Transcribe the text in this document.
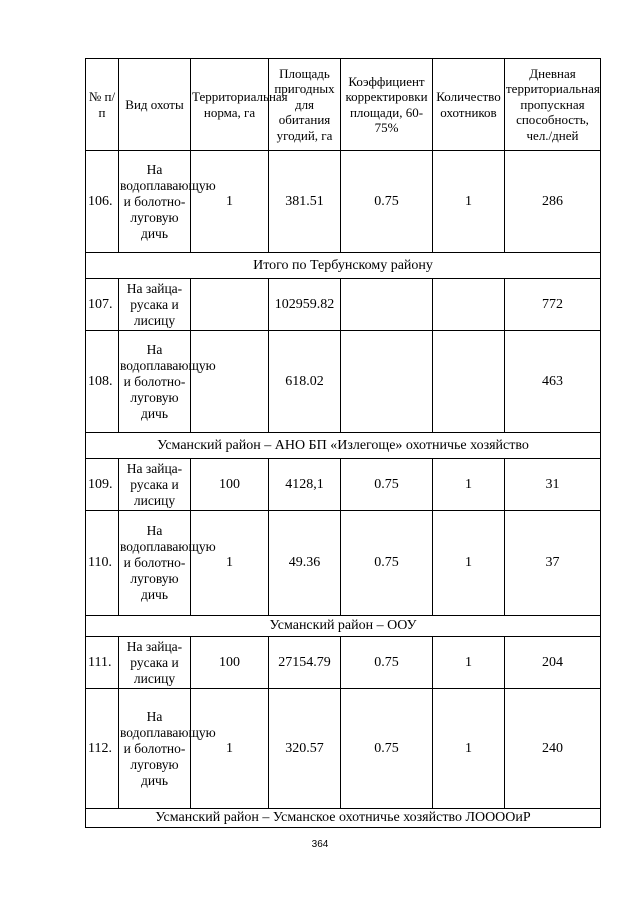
№ п/п	Вид охоты	Территориальная норма, га	Площадь пригодных для обитания угодий, га	Коэффициент корректировки площади, 60-75%	Количество охотников	Дневная территориальная пропускная способность, чел./дней
106.	На водоплавающую и болотно-луговую дичь	1	381.51	0.75	1	286
Итого по Тербунскому району						
107.	На зайца-русака и лисицу		102959.82			772
108.	На водоплавающую и болотно-луговую дичь		618.02			463
Усманский район – АНО БП «Излегоще» охотничье хозяйство						
109.	На зайца-русака и лисицу	100	4128,1	0.75	1	31
110.	На водоплавающую и болотно-луговую дичь	1	49.36	0.75	1	37
Усманский район – ООУ						
111.	На зайца-русака и лисицу	100	27154.79	0.75	1	204
112.	На водоплавающую и болотно-луговую дичь	1	320.57	0.75	1	240
Усманский район – Усманское охотничье хозяйство ЛООООиР						
364
